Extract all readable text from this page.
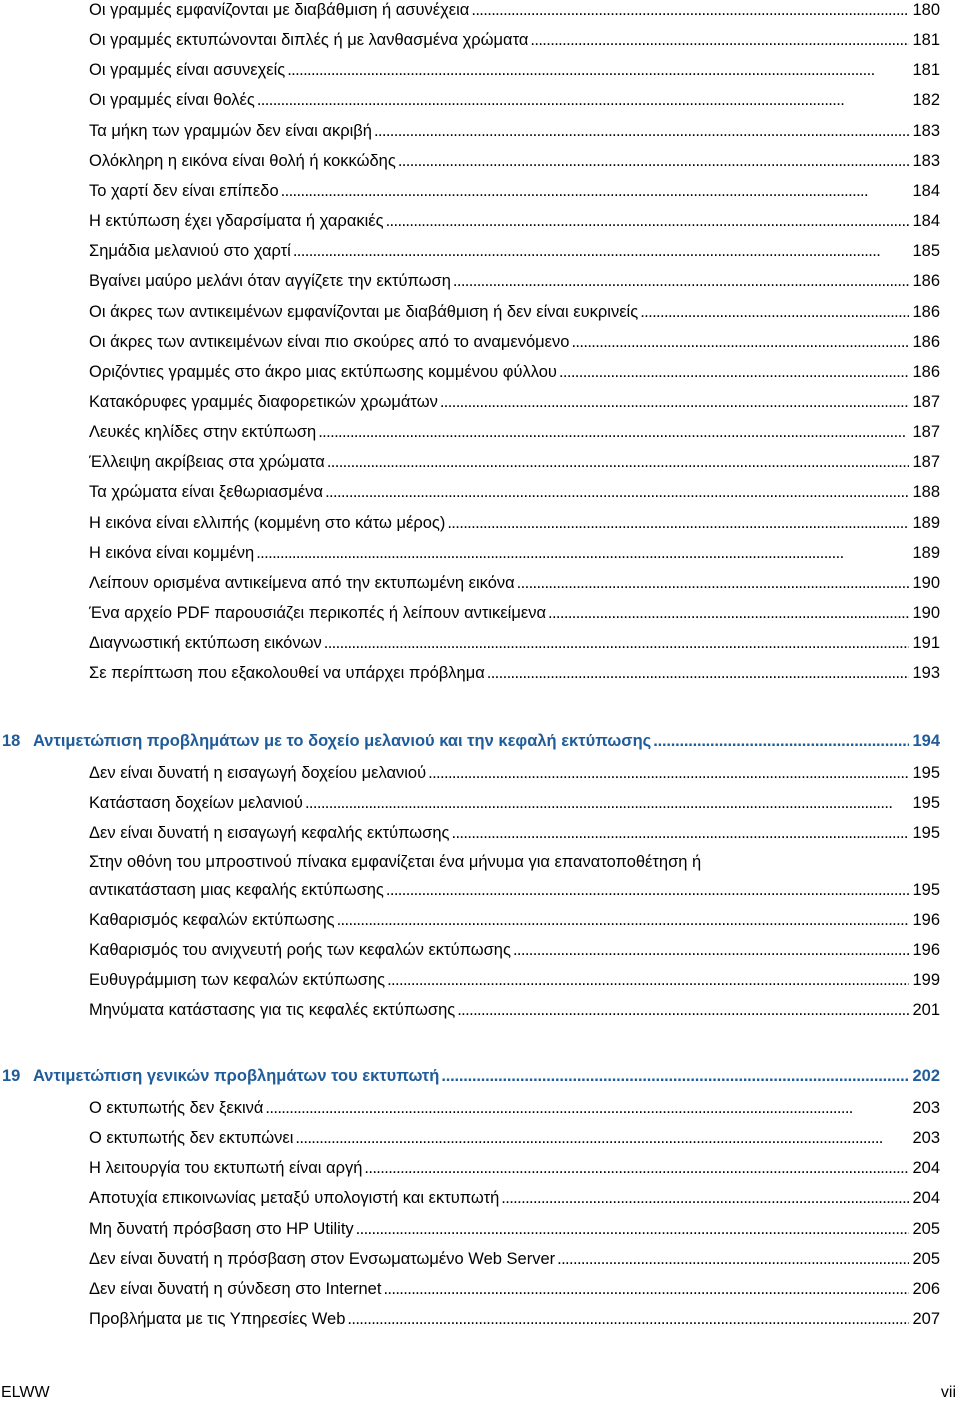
Οι γραμμές εμφανίζονται με διαβάθμιση ή ασυνέχεια . . .	180
Οι γραμμές εκτυπώνονται διπλές ή με λανθασμένα χρώματα . . .	181
Οι γραμμές είναι ασυνεχείς . . .	181
Οι γραμμές είναι θολές . . .	182
Τα μήκη των γραμμών δεν είναι ακριβή . . .	183
Ολόκληρη η εικόνα είναι θολή ή κοκκώδης . . .	183
Το χαρτί δεν είναι επίπεδο . . .	184
Η εκτύπωση έχει γδαρσίματα ή χαρακιές . . .	184
Σημάδια μελανιού στο χαρτί . . .	185
Βγαίνει μαύρο μελάνι όταν αγγίζετε την εκτύπωση . . .	186
Οι άκρες των αντικειμένων εμφανίζονται με διαβάθμιση ή δεν είναι ευκρινείς . . .	186
Οι άκρες των αντικειμένων είναι πιο σκούρες από το αναμενόμενο . . .	186
Οριζόντιες γραμμές στο άκρο μιας εκτύπωσης κομμένου φύλλου . . .	186
Κατακόρυφες γραμμές διαφορετικών χρωμάτων . . .	187
Λευκές κηλίδες στην εκτύπωση . . .	187
Έλλειψη ακρίβειας στα χρώματα . . .	187
Τα χρώματα είναι ξεθωριασμένα . . .	188
Η εικόνα είναι ελλιπής (κομμένη στο κάτω μέρος) . . .	189
Η εικόνα είναι κομμένη . . .	189
Λείπουν ορισμένα αντικείμενα από την εκτυπωμένη εικόνα . . .	190
Ένα αρχείο PDF παρουσιάζει περικοπές ή λείπουν αντικείμενα . . .	190
Διαγνωστική εκτύπωση εικόνων . . .	191
Σε περίπτωση που εξακολουθεί να υπάρχει πρόβλημα . . .	193
18 Αντιμετώπιση προβλημάτων με το δοχείο μελανιού και την κεφαλή εκτύπωσης . . .	194
Δεν είναι δυνατή η εισαγωγή δοχείου μελανιού . . .	195
Κατάσταση δοχείων μελανιού . . .	195
Δεν είναι δυνατή η εισαγωγή κεφαλής εκτύπωσης . . .	195
Στην οθόνη του μπροστινού πίνακα εμφανίζεται ένα μήνυμα για επανατοποθέτηση ή
αντικατάσταση μιας κεφαλής εκτύπωσης . . .	195
Καθαρισμός κεφαλών εκτύπωσης . . .	196
Καθαρισμός του ανιχνευτή ροής των κεφαλών εκτύπωσης . . .	196
Ευθυγράμμιση των κεφαλών εκτύπωσης . . .	199
Μηνύματα κατάστασης για τις κεφαλές εκτύπωσης . . .	201
19 Αντιμετώπιση γενικών προβλημάτων του εκτυπωτή . . .	202
Ο εκτυπωτής δεν ξεκινά . . .	203
Ο εκτυπωτής δεν εκτυπώνει . . .	203
Η λειτουργία του εκτυπωτή είναι αργή . . .	204
Αποτυχία επικοινωνίας μεταξύ υπολογιστή και εκτυπωτή . . .	204
Μη δυνατή πρόσβαση στο HP Utility . . .	205
Δεν είναι δυνατή η πρόσβαση στον Ενσωματωμένο Web Server . . .	205
Δεν είναι δυνατή η σύνδεση στο Internet . . .	206
Προβλήματα με τις Υπηρεσίες Web . . .	207
ELWW	vii
